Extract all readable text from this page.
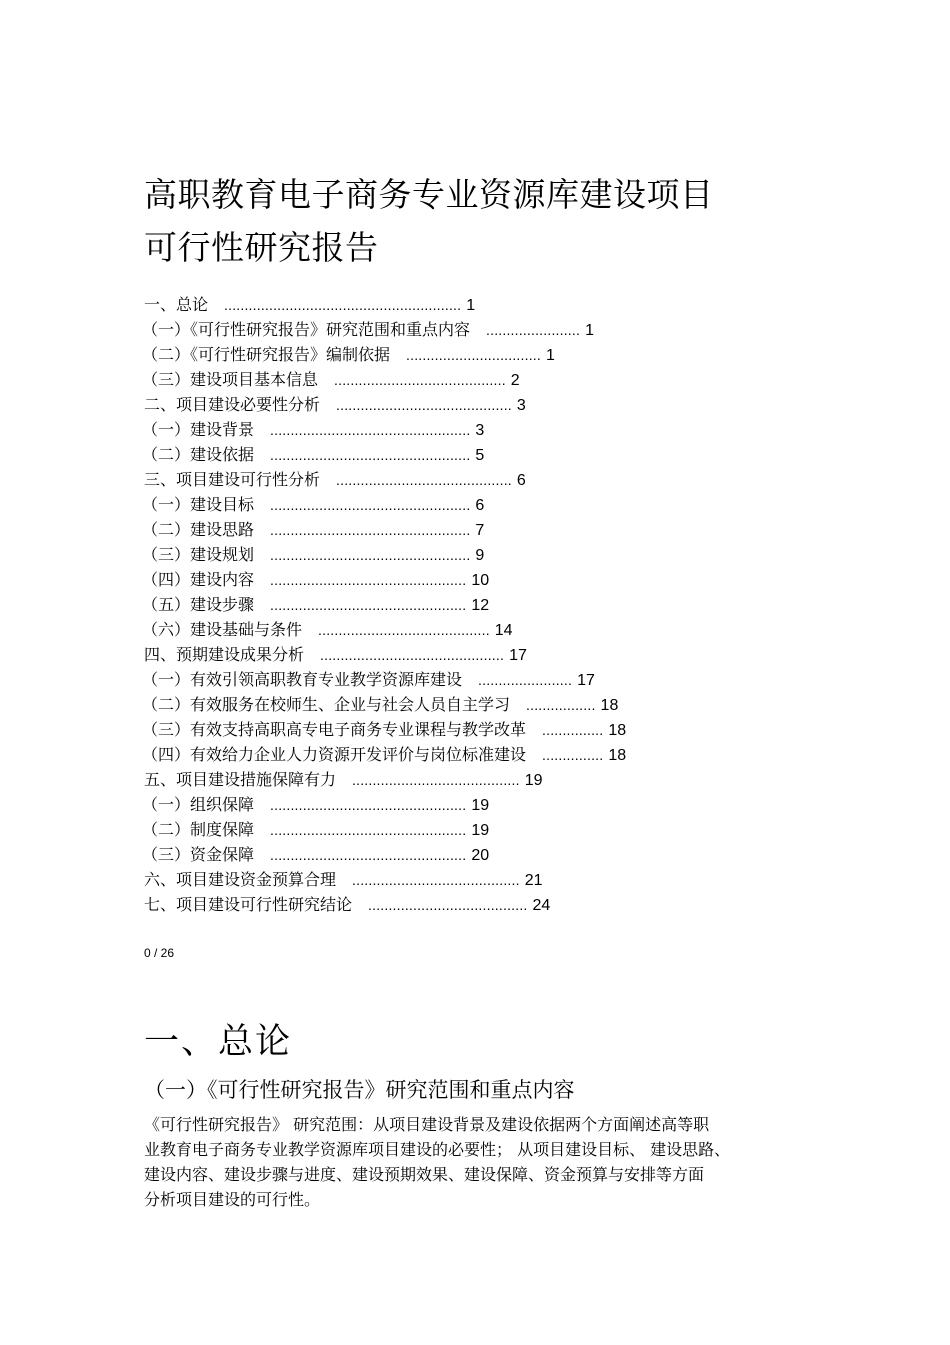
高职教育电子商务专业资源库建设项目
可行性研究报告
一、总论 .......................................................... 1
（一）《可行性研究报告》研究范围和重点内容 ....................... 1
（二）《可行性研究报告》编制依据 ................................. 1
（三）建设项目基本信息 .......................................... 2
二、项目建设必要性分析 ........................................... 3
（一）建设背景 ................................................. 3
（二）建设依据 ................................................. 5
三、项目建设可行性分析 ........................................... 6
（一）建设目标 ................................................. 6
（二）建设思路 ................................................. 7
（三）建设规划 ................................................. 9
（四）建设内容 ................................................ 10
（五）建设步骤 ................................................ 12
（六）建设基础与条件 .......................................... 14
四、预期建设成果分析 ............................................. 17
（一）有效引领高职教育专业教学资源库建设 ....................... 17
（二）有效服务在校师生、企业与社会人员自主学习 ................. 18
（三）有效支持高职高专电子商务专业课程与教学改革 ............... 18
（四）有效给力企业人力资源开发评价与岗位标准建设 ............... 18
五、项目建设措施保障有力 ......................................... 19
（一）组织保障 ................................................ 19
（二）制度保障 ................................................ 19
（三）资金保障 ................................................ 20
六、项目建设资金预算合理 ......................................... 21
七、项目建设可行性研究结论 ....................................... 24
0 / 26
一、总论
（一）《可行性研究报告》研究范围和重点内容

《可行性研究报告》 研究范围：从项目建设背景及建设依据两个方面阐述高等职
业教育电子商务专业教学资源库项目建设的必要性； 从项目建设目标、 建设思路、
建设内容、建设步骤与进度、建设预期效果、建设保障、资金预算与安排等方面
分析项目建设的可行性。
